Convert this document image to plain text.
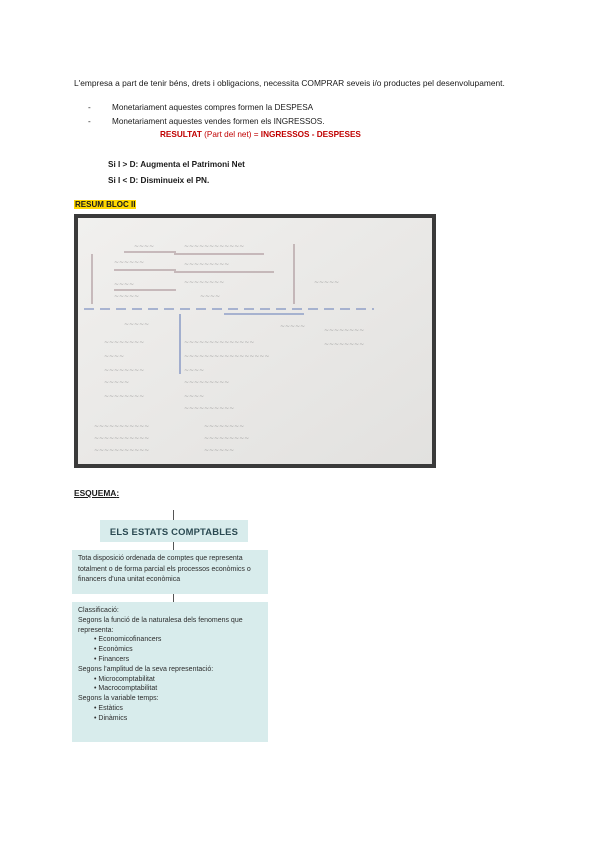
L'empresa a part de tenir béns, drets i obligacions, necessita COMPRAR seveis i/o productes pel desenvolupament.
-	Monetariament aquestes compres formen la DESPESA
-	Monetariament aquestes vendes formen els INGRESSOS.
RESULTAT (Part del net) = INGRESSOS - DESPESES
Si I > D: Augmenta el Patrimoni Net
Si I < D: Disminueix el PN.
RESUM BLOC II
~~~~	~~~~~~~~~~~~
~~~~~~	~~~~~~~~~
~~~~~~~~
~~~~
~~~~~	~~~~
~~~~~
~~~~~	~~~~~
~~~~~~~~	~~~~~~~~~~~~~~
~~~~	~~~~~~~~~~~~~~~~~
~~~~~~~~	~~~~
~~~~~	~~~~~~~~~
~~~~~~~~	~~~~
~~~~~~~~~~
~~~~~~~~
~~~~~~~~
~~~~~~~~~~~	~~~~~~~~
~~~~~~~~~~~	~~~~~~~~~
~~~~~~~~~~~	~~~~~~
ESQUEMA:
ELS ESTATS COMPTABLES
Tota disposició ordenada de comptes que representa totalment o de forma parcial els processos econòmics o financers d'una unitat econòmica
Classificació:
Segons la funció de la naturalesa dels fenomens que representa:
• Economicofinancers
• Econòmics
• Financers
Segons l'amplitud de la seva representació:
• Microcomptabilitat
• Macrocomptabilitat
Segons la variable temps:
• Estàtics
• Dinàmics
